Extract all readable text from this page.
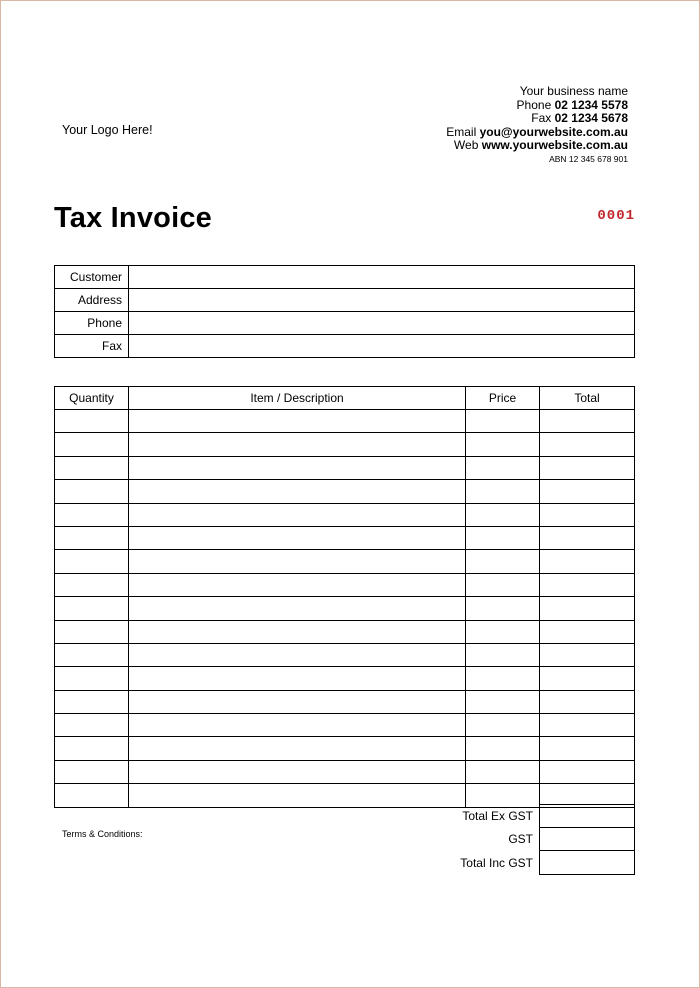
Your Logo Here!
Your business name
Phone 02 1234 5578
Fax 02 1234 5678
Email you@yourwebsite.com.au
Web www.yourwebsite.com.au
ABN 12 345 678 901
Tax Invoice	0001
Customer	
Address	
Phone	
Fax	
Quantity	Item / Description	Price	Total

Total Ex GST
GST
Total Inc GST
Terms & Conditions:
